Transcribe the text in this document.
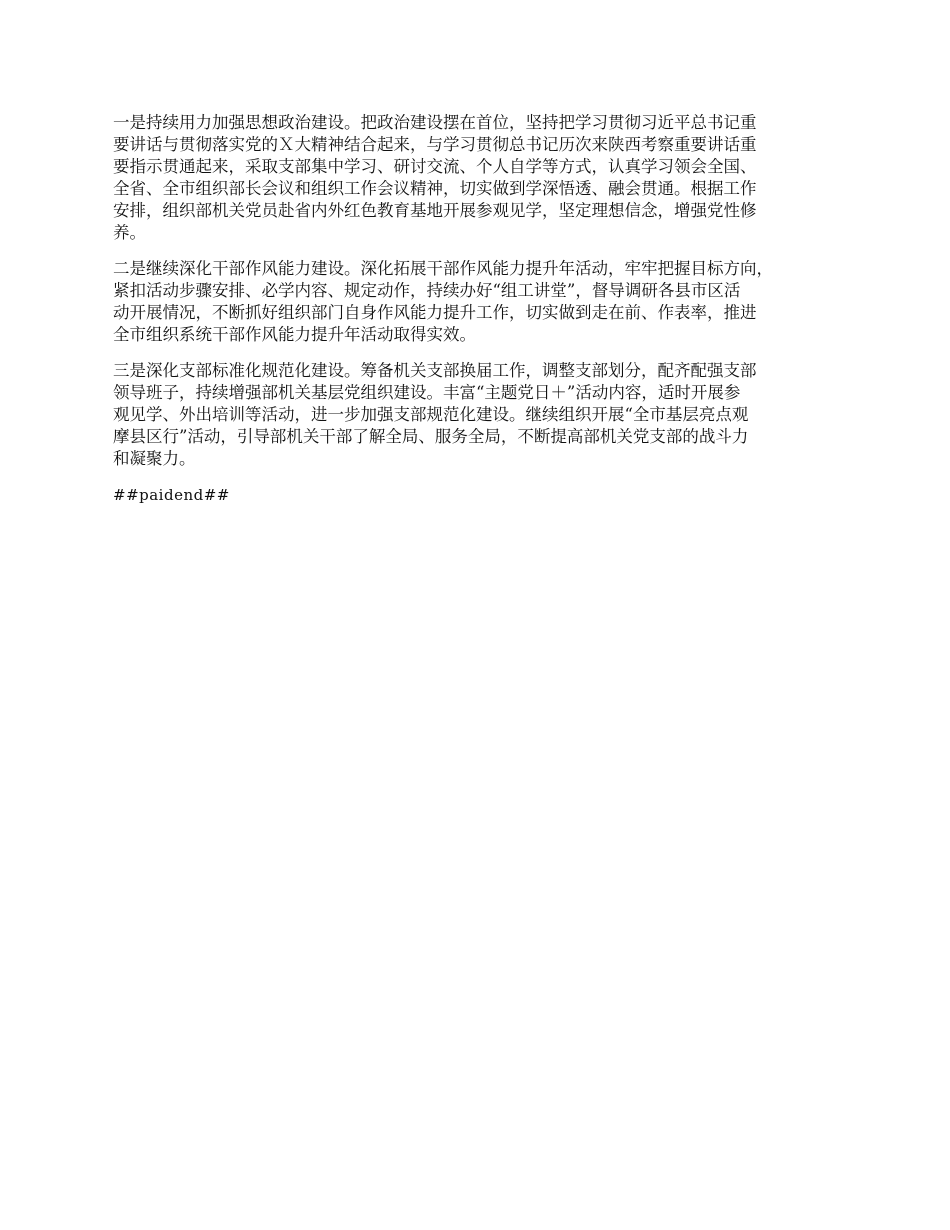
一是持续用力加强思想政治建设。把政治建设摆在首位，坚持把学习贯彻习近平总书记重
要讲话与贯彻落实党的Ｘ大精神结合起来，与学习贯彻总书记历次来陕西考察重要讲话重
要指示贯通起来，采取支部集中学习、研讨交流、个人自学等方式，认真学习领会全国、
全省、全市组织部长会议和组织工作会议精神，切实做到学深悟透、融会贯通。根据工作
安排，组织部机关党员赴省内外红色教育基地开展参观见学，坚定理想信念，增强党性修
养。

二是继续深化干部作风能力建设。深化拓展干部作风能力提升年活动，牢牢把握目标方向，
紧扣活动步骤安排、必学内容、规定动作，持续办好“组工讲堂”，督导调研各县市区活
动开展情况，不断抓好组织部门自身作风能力提升工作，切实做到走在前、作表率，推进
全市组织系统干部作风能力提升年活动取得实效。

三是深化支部标准化规范化建设。筹备机关支部换届工作，调整支部划分，配齐配强支部
领导班子，持续增强部机关基层党组织建设。丰富“主题党日＋”活动内容，适时开展参
观见学、外出培训等活动，进一步加强支部规范化建设。继续组织开展“全市基层亮点观
摩县区行”活动，引导部机关干部了解全局、服务全局，不断提高部机关党支部的战斗力
和凝聚力。

##paidend##
